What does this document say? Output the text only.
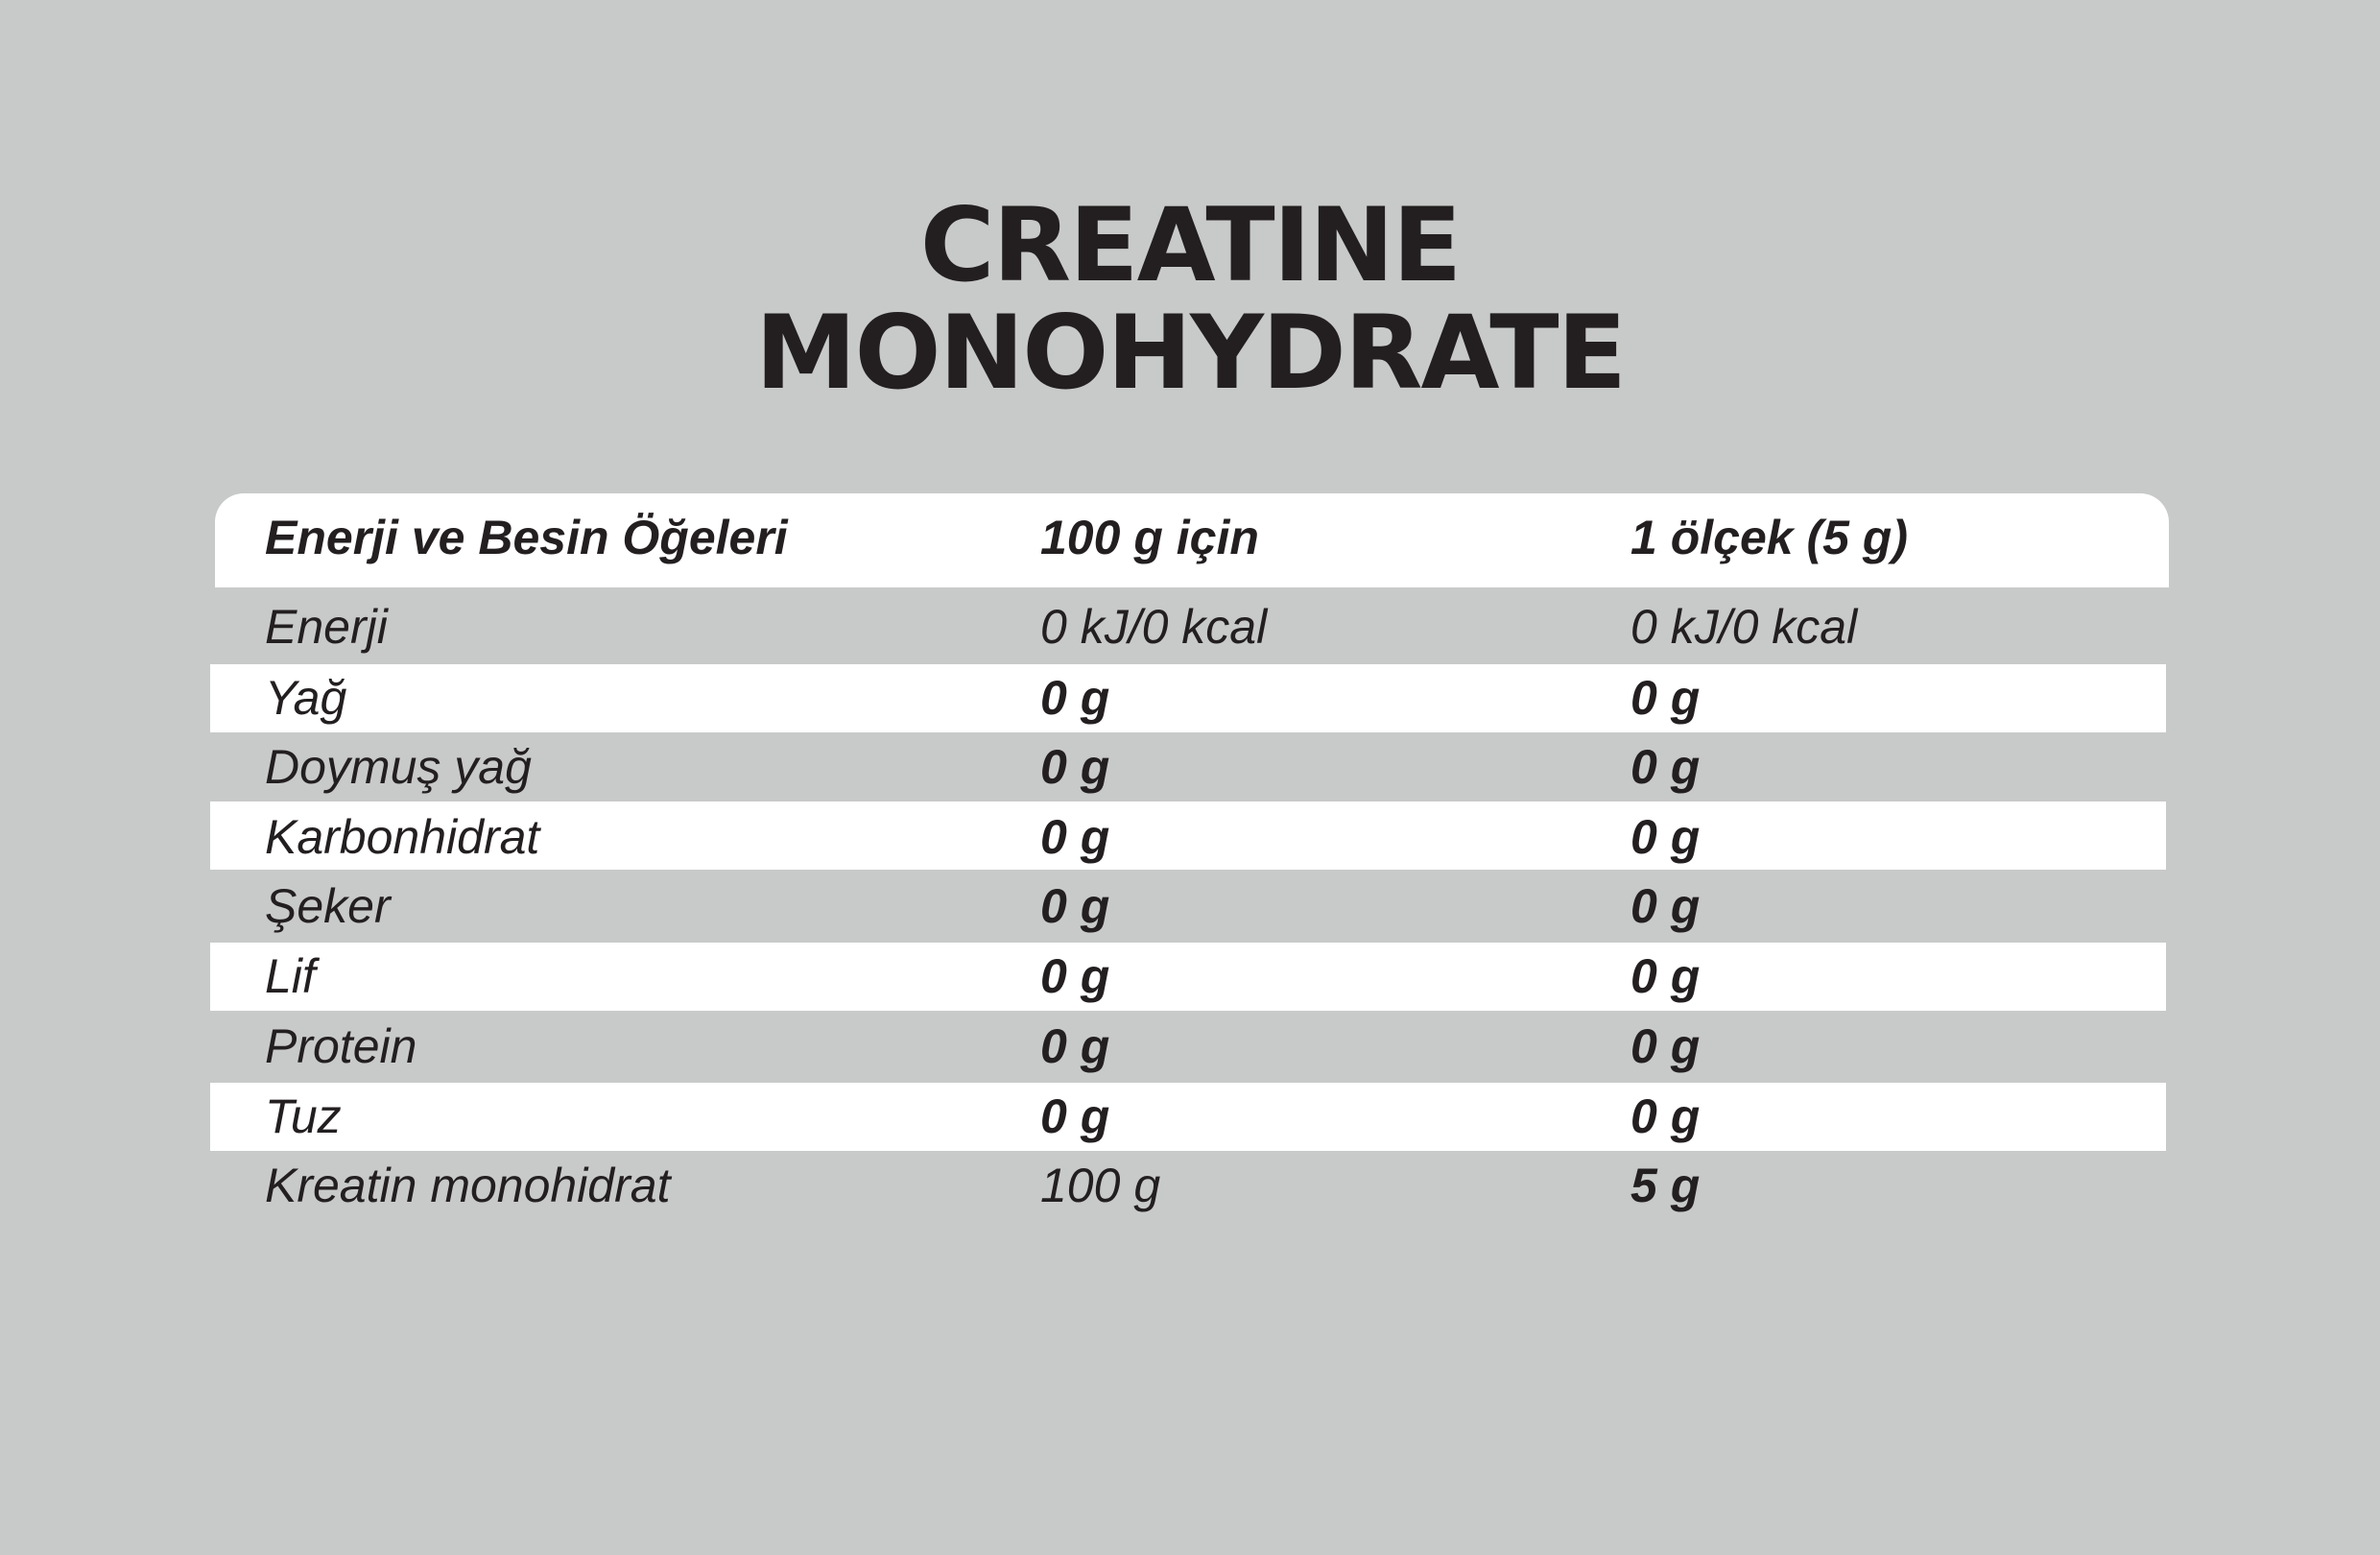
CREATINE
MONOHYDRATE
Enerji ve Besin Öğeleri	100 g için	1 ölçek (5 g)
Enerji	0 kJ/0 kcal	0 kJ/0 kcal
Yağ	0 g	0 g
Doymuş yağ	0 g	0 g
Karbonhidrat	0 g	0 g
Şeker	0 g	0 g
Lif	0 g	0 g
Protein	0 g	0 g
Tuz	0 g	0 g
Kreatin monohidrat	100 g	5 g
